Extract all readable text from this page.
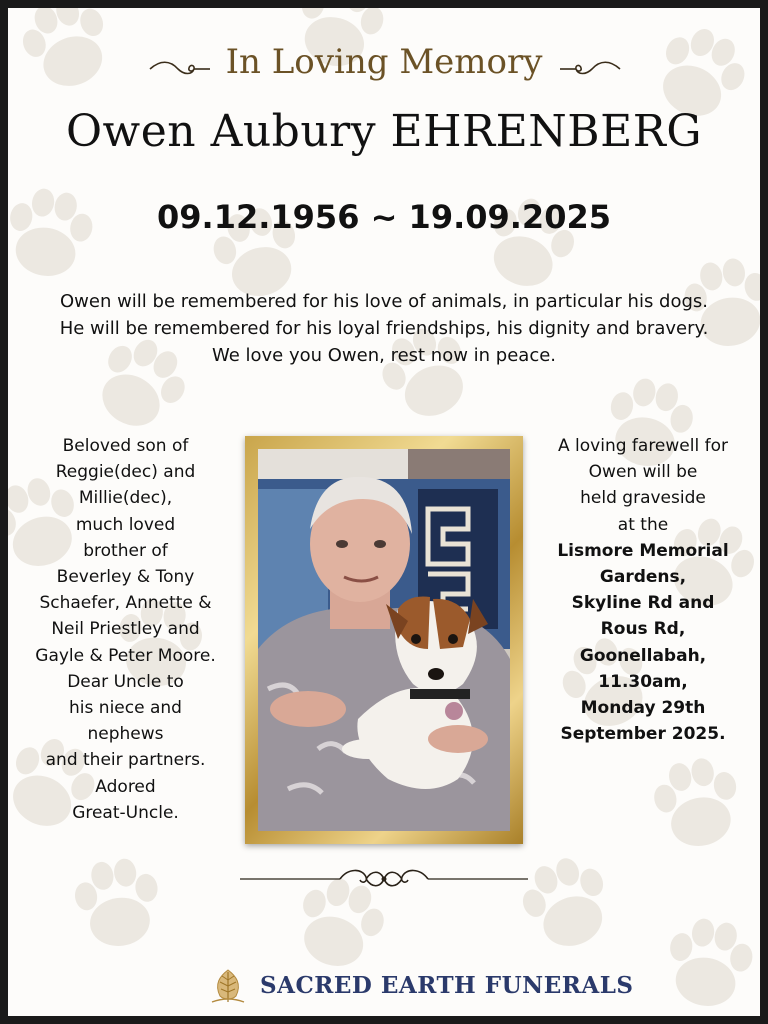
In Loving Memory
Owen Aubury EHRENBERG
09.12.1956 ~ 19.09.2025
Owen will be remembered for his love of animals, in particular his dogs.
He will be remembered for his loyal friendships, his dignity and bravery.
We love you Owen, rest now in peace.
Beloved son of
Reggie(dec) and
Millie(dec),
much loved
brother of
Beverley & Tony
Schaefer, Annette &
Neil Priestley and
Gayle & Peter Moore.
Dear Uncle to
his niece and
nephews
and their partners.
Adored
Great-Uncle.
A loving farewell for
Owen will be
held graveside
at the
Lismore Memorial
Gardens,
Skyline Rd and
Rous Rd,
Goonellabah,
11.30am,
Monday 29th
September 2025.
SACRED EARTH FUNERALS
